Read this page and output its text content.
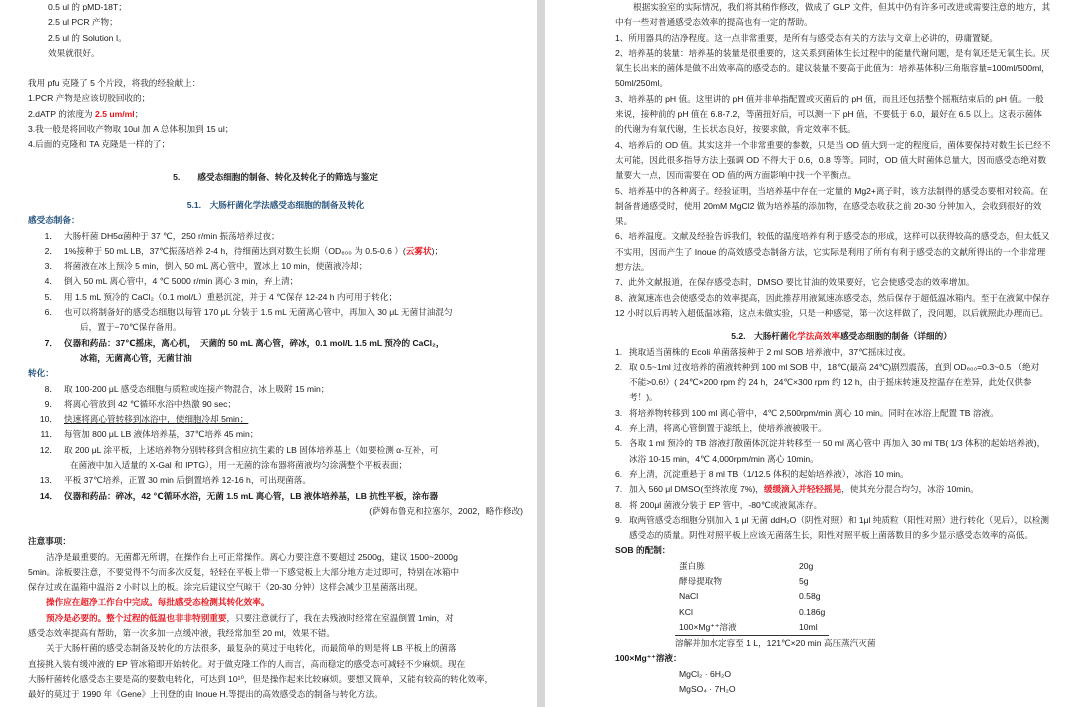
0.5 ul 的 pMD-18T；
2.5 ul PCR 产物；
2.5 ul 的 Solution I。
效果就很好。
我用 pfu 克隆了 5 个片段，将我的经验献上：
1.PCR 产物是应该切胶回收的；
2.dATP 的浓度为 2.5 um/ml；
3.我一般是将回收产物取 10ul 加 A 总体积加到 15 ul；
4.后面的克隆和 TA 克隆是一样的了；
5.　　感受态细胞的制备、转化及转化子的筛选与鉴定
5.1.　大肠杆菌化学法感受态细胞的制备及转化
感受态制备：
1． 大肠杆菌 DH5α菌种于 37 ℃，250 r/min 振荡培养过夜；
2． 1%接种于 50 mL LB，37℃振荡培养 2-4 h，待细菌达到对数生长期（OD₆₀₀ 为 0.5-0.6 ）( 云雾状 )；
3． 将菌液在冰上预冷 5 min，倒入 50 mL 离心管中，置冰上 10 min，使菌液冷却；
4． 倒入 50 mL 离心管中，4 ℃ 5000 r/min 离心 3 min，弃上清；
5． 用 1.5 mL 预冷的 CaCl₂（0.1 mol/L）重悬沉淀，并于 4 ℃保存 12-24 h 内可用于转化；
6． 也可以将制备好的感受态细胞以每管 170 μL 分装于 1.5 mL 无菌离心管中，再加入 30 μL 无菌甘油混匀
后，置于−70℃保存备用。
7． 仪器和药品：37℃摇床，离心机，　天菌的 50 mL 离心管，碎冰，0.1 mol/L 1.5 mL 预冷的 CaCl₂，
冰箱，无菌离心管，无菌甘油
转化：
8． 取 100-200 μL 感受态细胞与质粒或连接产物混合，冰上吸附 15 min；
9． 将离心管放到 42 ℃循环水浴中热激 90 sec；
10． 快速将离心管转移到冰浴中，使细胞冷却 5min；
11． 每管加 800 μL LB 液体培养基，37℃培养 45 min；
12． 取 200 μL 涂平板，上述培养物分别转移到含相应抗生素的 LB 固体培养基上（如要检测 α-互补，可
在菌液中加入适量的 X-Gal 和 IPTG），用一无菌的涂布器将菌液均匀涂满整个平板表面；
13． 平板 37℃培养，正置 30 min 后倒置培养 12-16 h，可出现菌落。
14． 仪器和药品：碎冰，42 ℃循环水浴，无菌 1.5 mL 离心管，LB 液体培养基，LB 抗性平板，涂布器
(萨姆布鲁克和拉塞尔，2002，略作修改)
注意事项：
洁净是最重要的。无菌都无所谓，在操作台上可正常操作。离心力要注意不要超过 2500g，建议 1500~2000g
5min。涂板要注意，不要觉得不匀而多次反复，轻轻在平板上带一下感觉板上大部分地方走过即可，特别在冰箱中
保存过或在温箱中温浴 2 小时以上的板。涂完后建议空气晾干（20-30 分钟）这样会减少卫星菌落出现。
操作应在超净工作台中完成。每批感受态检测其转化效率。
预冷是必要的。整个过程的低温也非非特别重要，只要注意就行了，我在去残液时经常在室温倒置 1min，对
感受态效率提高有帮助，第一次多加一点缓冲液，我经常加至 20 ml，效果不错。
关于大肠杆菌的感受态制备及转化的方法很多，最复杂的莫过于电转化，而最简单的则是将 LB 平板上的菌落
直接挑入装有缓冲液的 EP 管冰箱即开始转化。对于做克隆工作的人而言，高而稳定的感受态可减轻不少麻烦。现在
大肠杆菌转化感受态主要是高的要数电转化，可达到 10¹⁰，但是操作起来比较麻烦。要想又简单，又能有较高的转化效率，
最好的莫过于 1990 年《Gene》上刊登的由 Inoue H.等提出的高效感受态的制备与转化方法。
根据实验室的实际情况，我们将其稍作修改，做成了 GLP 文件，但其中仍有许多可改进或需要注意的地方，其
中有一些对普通感受态效率的提高也有一定的帮助。
1、所用器具的洁净程度。这一点非常重要，是所有与感受态有关的方法与文章上必讲的，毋庸置疑。
2、培养基的装量：培养基的装量是很重要的，这关系到菌体生长过程中的能量代谢问题，是有氧还是无氧生长。厌
氧生长出来的菌体是做不出效率高的感受态的。建议装量不要高于此值为：培养基体积/三角瓶容量=100ml/500ml，
50ml/250ml。
3、培养基的 pH 值。这里讲的 pH 值并非单指配置或灭菌后的 pH 值，而且还包括整个摇瓶结束后的 pH 值。一般
来说，接种前的 pH 值在 6.8-7.2，等菌扭好后，可以测一下 pH 值，不要低于 6.0，最好在 6.5 以上。这表示菌体
的代谢为有氧代谢，生长状态良好，按要求做，肯定效率不低。
4、培养后的 OD 值。其实这并一个非常重要的参数，只是当 OD 值大到一定的程度后，菌体要保持对数生长已经不
太可能，因此很多指导方法上强调 OD 不得大于 0.6，0.8 等等。同时，OD 值大时菌体总量大，因而感受态绝对数
量要大一点，因而需要在 OD 值的两方面影响中找一个平衡点。
5、培养基中的各种离子。经验证明，当培养基中存在一定量的 Mg2+离子时，该方法制得的感受态要相对较高。在
制备普通感受时，使用 20mM MgCl2 做为培养基的添加物，在感受态收获之前 20-30 分钟加入，会收到很好的效
果。
6、培养温度。文献及经验告诉我们，较低的温度培养有利于感受态的形成，这样可以获得较高的感受态，但太低又
不实用，因而产生了 Inoue 的高效感受态制备方法，它实际是利用了所有有利于感受态的文献所得出的一个非常理
想方法。
7、此外文献报道，在保存感受态时，DMSO 要比甘油的效果要好，它会使感受态的效率增加。
8、液氮速冻也会使感受态的效率提高，因此推荐用液氮速冻感受态，然后保存于超低温冰箱内。至于在液氮中保存
12 小时以后再转入超低温冰箱，这点未做实验，只是一种感觉，第一次这样做了，没问题，以后就照此办理而已。
5.2.　大肠杆菌化学法高效率感受态细胞的制备（详细的）
1. 挑取适当菌株的 Ecoli 单菌落接种于 2 ml SOB 培养液中，37℃摇床过夜。
2. 取 0.5~1ml 过夜培养的菌液转种到 100 ml SOB 中，18℃(最高 24℃)剧烈震荡，直到 OD₆₀₀=0.3~0.5 （绝对
不能>0.6!）( 24℃×200 rpm 约 24 h，24℃×300 rpm 约 12 h，由于摇床转速及控温存在差异，此处仅供参
考！)。
3. 将培养物转移到 100 ml 离心管中，4℃ 2,500rpm/min 离心 10 min。同时在冰浴上配置 TB 溶液。
4. 弃上清，将离心管倒置于滤纸上，使培养液被吸干。
5. 各取 1 ml 预冷的 TB 溶液打散菌体沉淀并转移至一 50 ml 离心管中 再加入 30 ml TB( 1/3 体积的起始培养液)，
冰浴 10-15 min，4℃ 4,000rpm/min 离心 10min。
6. 弃上清，沉淀重悬于 8 ml TB（1/12.5 体积的起始培养液），冰浴 10 min。
7. 加入 560 μl DMSO(至终浓度 7%)， 缓缓滴入并轻轻摇晃 ，使其充分混合均匀，冰浴 10min。
8. 将 200μl 菌液分装于 EP 管中，-80℃或液氮冻存。
9. 取两管感受态细胞分别加入 1 μl 无菌 ddH₂O（阴性对照）和 1μl 纯质粒（阳性对照）进行转化（见后），以检测
感受态的质量。阴性对照平板上应该无菌落生长，阳性对照平板上菌落数目的多少显示感受态效率的高低。
SOB 的配制：
蛋白胨	20g
酵母提取物	5g
NaCl	0.58g
KCl	0.186g
100×Mg⁺⁺溶液	10ml
溶解并加水定容至 1 L，121℃×20 min 高压蒸汽灭菌
100×Mg⁺⁺溶液：
MgCl₂ · 6H₂O
MgSO₄ · 7H₂O
